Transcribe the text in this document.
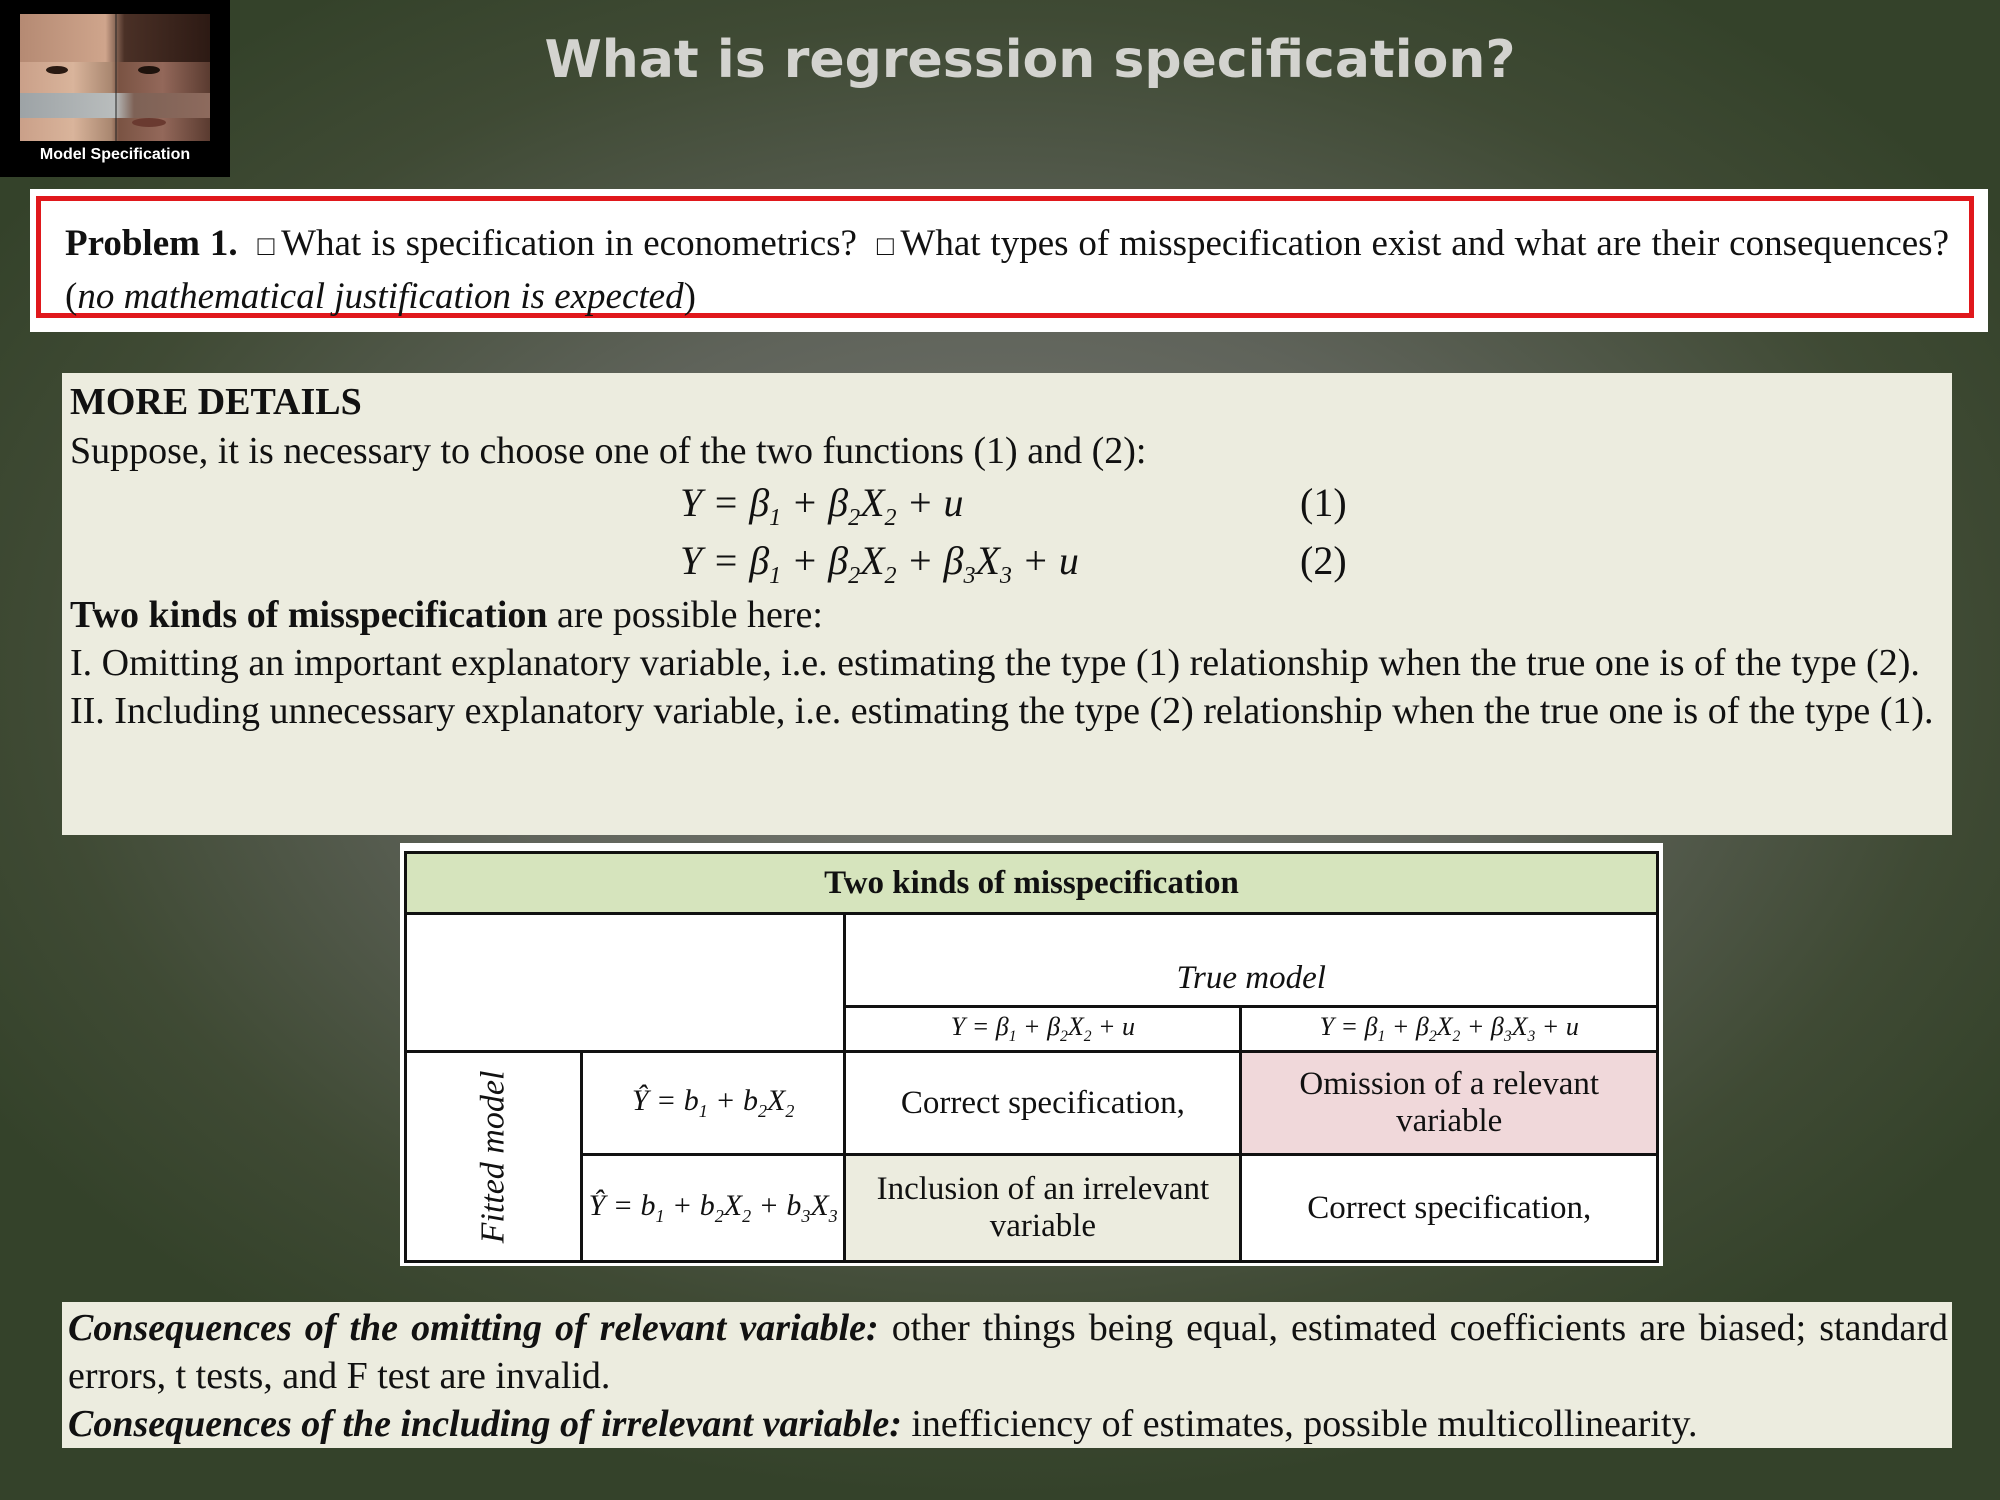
Model Specification
What is regression specification?
Problem 1. □ What is specification in econometrics? □ What types of misspecification exist and what are their consequences? (no mathematical justification is expected)
MORE DETAILS
Suppose, it is necessary to choose one of the two functions (1) and (2):
$Y = \beta_1 + \beta_2X_2 + u$	(1)
$Y = \beta_1 + \beta_2X_2 + \beta_3X_3 + u$	(2)

Two kinds of misspecification are possible here:

I. Omitting an important explanatory variable, i.e. estimating the type (1) relationship when the true one is of the type (2).

II. Including unnecessary explanatory variable, i.e. estimating the type (2) relationship when the true one is of the type (1).

Two kinds of misspecification			
		True model	
		$Y = \beta_1 + \beta_2X_2 + u$	$Y = \beta_1 + \beta_2X_2 + \beta_3X_3 + u$
Fitted model	Ŷ = $b_1 + b_2X_2$	Correct specification,	Omission of a relevant variable
	Ŷ = $b_1 + b_2X_2 + b_3X_3$	Inclusion of an irrelevant variable	Correct specification,
Consequences of the omitting of relevant variable: other things being equal, estimated coefficients are biased; standard errors, t tests, and F test are invalid.
Consequences of the including of irrelevant variable: inefficiency of estimates, possible multicollinearity.
